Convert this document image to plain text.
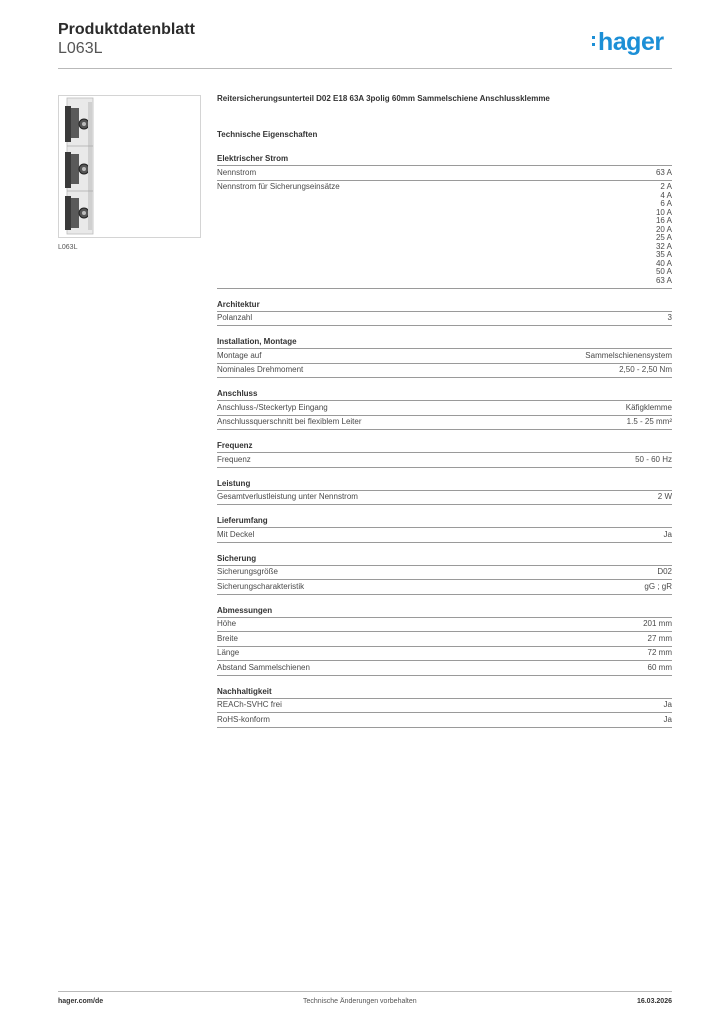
Produktdatenblatt
L063L	hager
L063L
Reitersicherungsunterteil D02 E18 63A 3polig 60mm Sammelschiene Anschlussklemme
Technische Eigenschaften
Elektrischer Strom
Nennstrom	63 A
Nennstrom für Sicherungseinsätze	2 A
4 A
6 A
10 A
16 A
20 A
25 A
32 A
35 A
40 A
50 A
63 A
Architektur
Polanzahl	3
Installation, Montage
Montage auf	Sammelschienensystem
Nominales Drehmoment	2,50 - 2,50 Nm
Anschluss
Anschluss-/Steckertyp Eingang	Käfigklemme
Anschlussquerschnitt bei flexiblem Leiter	1.5 - 25 mm²
Frequenz
Frequenz	50 - 60 Hz
Leistung
Gesamtverlustleistung unter Nennstrom	2 W
Lieferumfang
Mit Deckel	Ja
Sicherung
Sicherungsgröße	D02
Sicherungscharakteristik	gG ; gR
Abmessungen
Höhe	201 mm
Breite	27 mm
Länge	72 mm
Abstand Sammelschienen	60 mm
Nachhaltigkeit
REACh-SVHC frei	Ja
RoHS-konform	Ja
hager.com/de	Technische Änderungen vorbehalten	16.03.2026
